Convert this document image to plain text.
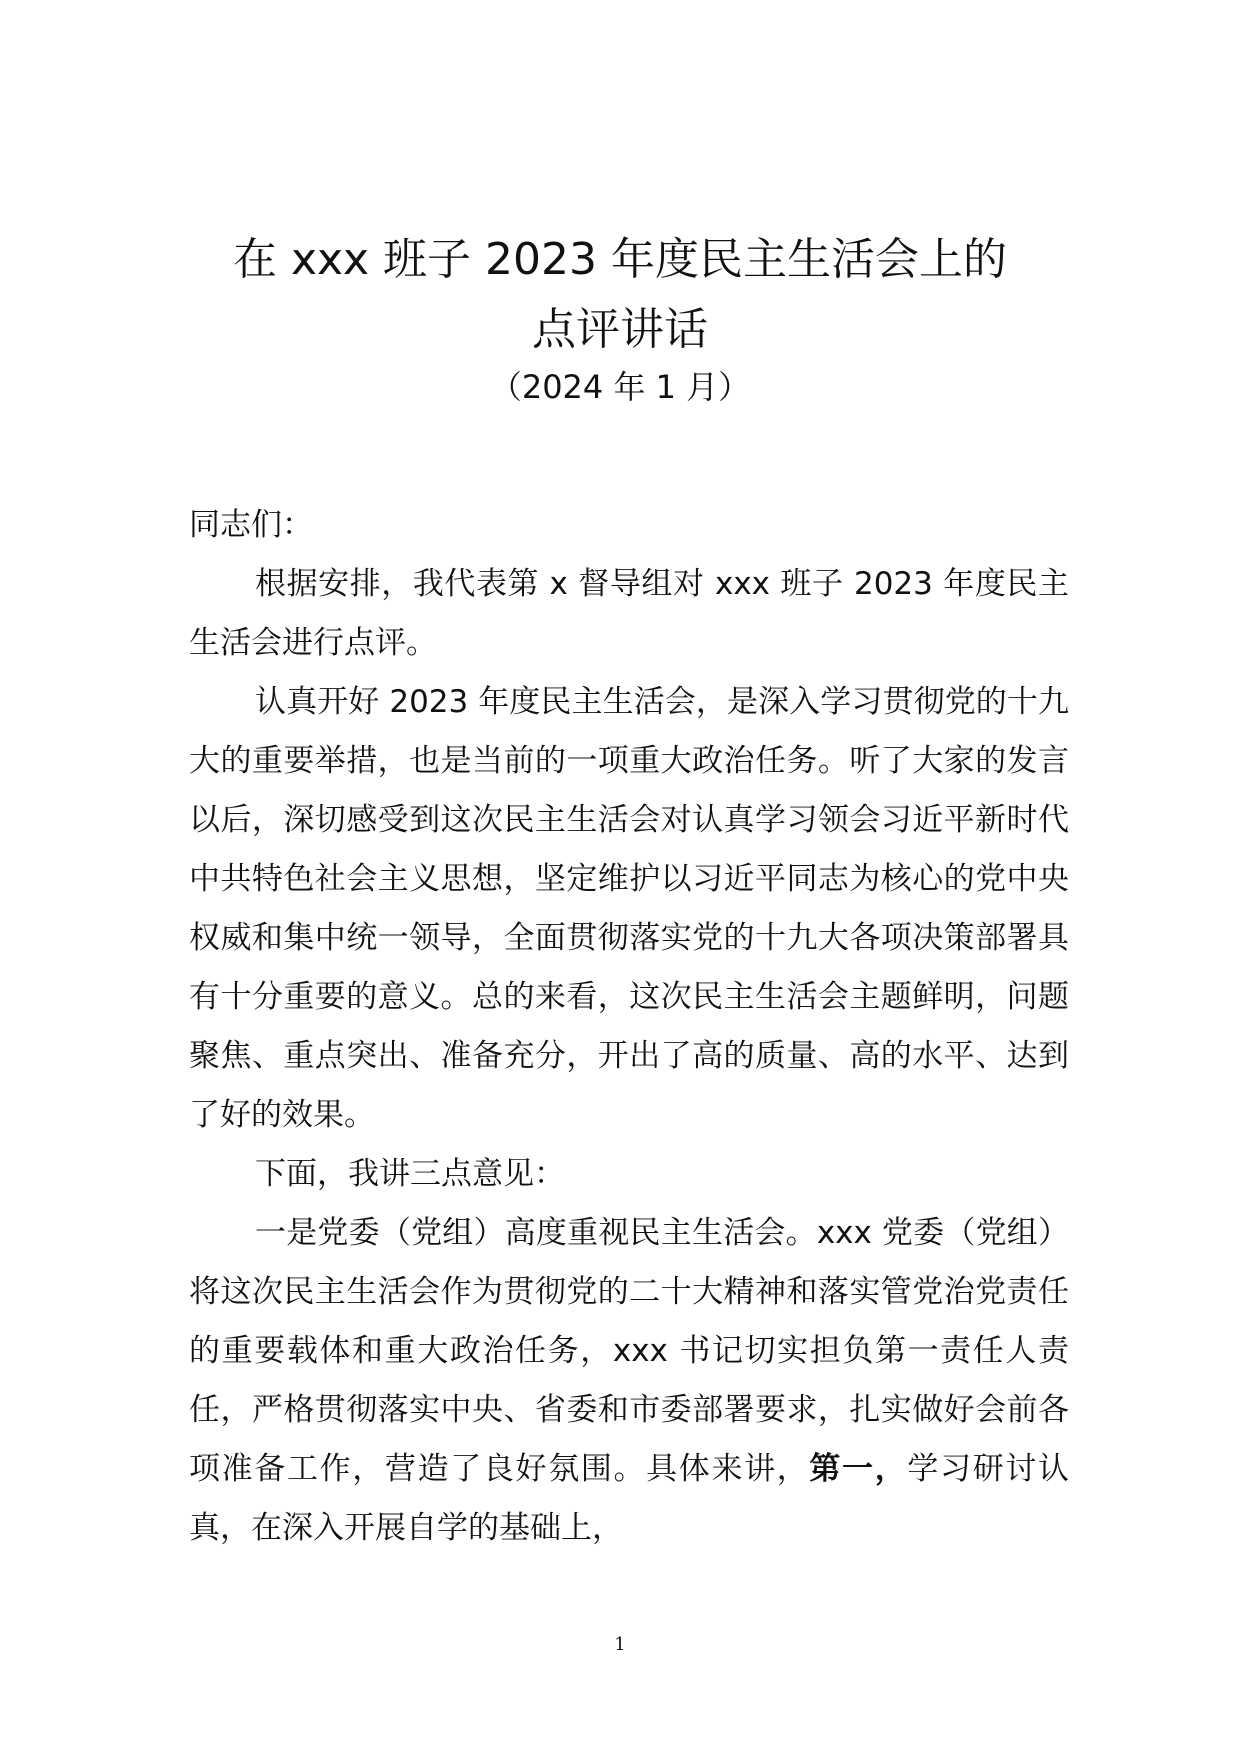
在 xxx 班子 2023 年度民主生活会上的
点评讲话
（2024 年 1 月）

同志们：

根据安排，我代表第 x 督导组对 xxx 班子 2023 年度民主生活会进行点评。

认真开好 2023 年度民主生活会，是深入学习贯彻党的十九大的重要举措，也是当前的一项重大政治任务。听了大家的发言以后，深切感受到这次民主生活会对认真学习领会习近平新时代中共特色社会主义思想，坚定维护以习近平同志为核心的党中央权威和集中统一领导，全面贯彻落实党的十九大各项决策部署具有十分重要的意义。总的来看，这次民主生活会主题鲜明，问题聚焦、重点突出、准备充分，开出了高的质量、高的水平、达到了好的效果。

下面，我讲三点意见：

一是党委（党组）高度重视民主生活会。xxx 党委（党组）将这次民主生活会作为贯彻党的二十大精神和落实管党治党责任的重要载体和重大政治任务，xxx 书记切实担负第一责任人责任，严格贯彻落实中央、省委和市委部署要求，扎实做好会前各项准备工作，营造了良好氛围。具体来讲，第一，学习研讨认真，在深入开展自学的基础上，

1
